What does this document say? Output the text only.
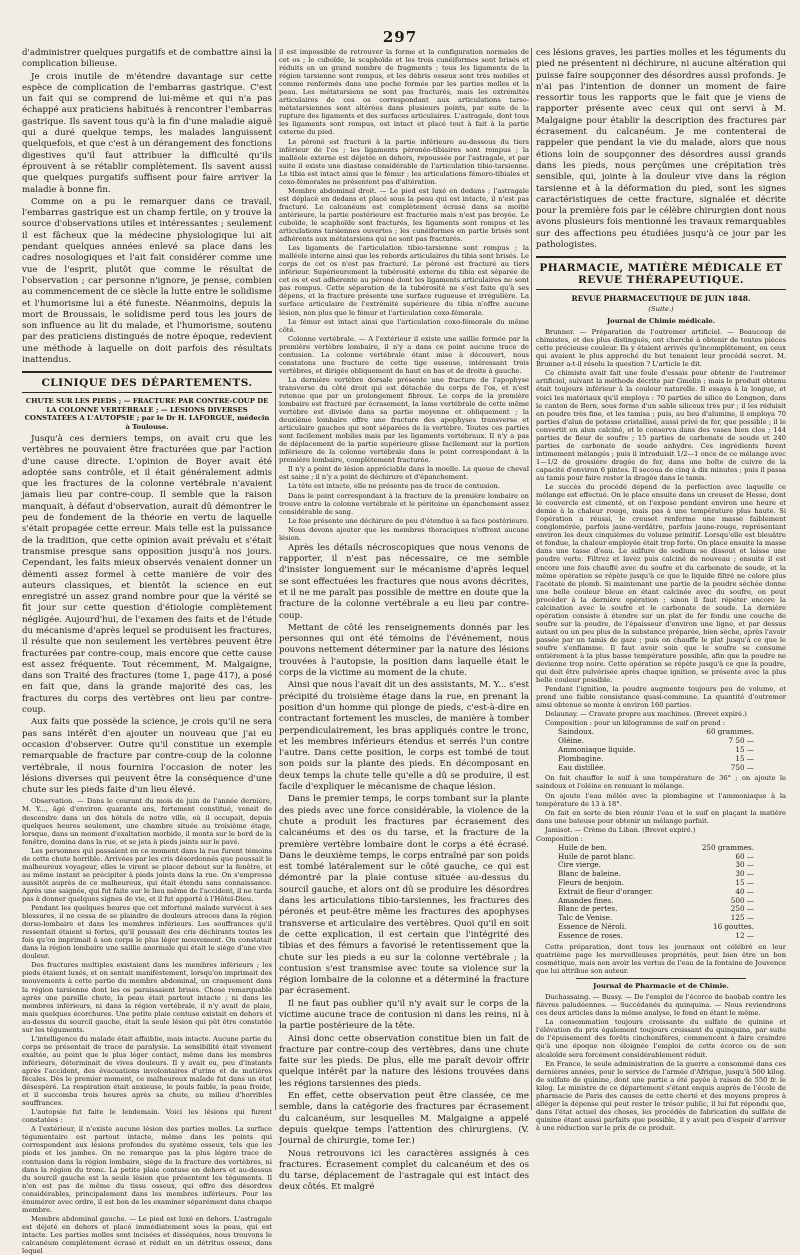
297

d'administrer quelques purgatifs et de combattre ainsi la complication bilieuse.

Je crois inutile de m'étendre davantage sur cette espèce de complication de l'embarras gastrique. C'est un fait qui se comprend de lui-même et qui n'a pas échappé aux praticiens habitués à rencontrer l'embarras gastrique. Ils savent tous qu'à la fin d'une maladie aiguë qui a duré quelque temps, les malades languissent quelquefois, et que c'est à un dérangement des fonctions digestives qu'il faut attribuer la difficulté qu'ils éprouvent à se rétablir complètement. Ils savent aussi que quelques purgatifs suffisent pour faire arriver la maladie à bonne fin.

Comme on a pu le remarquer dans ce travail, l'embarras gastrique est un champ fertile, on y trouve la source d'observations utiles et intéressantes ; seulement il est fâcheux que la médecine physiologique lui ait pendant quelques années enlevé sa place dans les cadres nosologiques et l'ait fait considérer comme une vue de l'esprit, plutôt que comme le résultat de l'observation ; car personne n'ignore, je pense, combien au commencement de ce siècle la lutte entre le solidisme et l'humorisme lui a été funeste. Néanmoins, depuis la mort de Broussais, le solidisme perd tous les jours de son influence au lit du malade, et l'humorisme, soutenu par des praticiens distingués de notre époque, redevient une méthode à laquelle on doit parfois des résultats inattendus.

CLINIQUE DES DÉPARTEMENTS.
CHUTE SUR LES PIEDS ; — FRACTURE PAR CONTRE-COUP DE LA COLONNE VERTÉBRALE ; — LÉSIONS DIVERSES CONSTATÉES A L'AUTOPSIE ; par le Dr H. LAFORGUE, médecin à Toulouse.

Jusqu'à ces derniers temps, on avait cru que les vertèbres ne pouvaient être fracturées que par l'action d'une cause directe. L'opinion de Boyer avait été adoptée sans contrôle, et il était généralement admis que les fractures de la colonne vertébrale n'avaient jamais lieu par contre-coup. Il semble que la raison manquait, à défaut d'observation, aurait dû démontrer le peu de fondement de la théorie en vertu de laquelle s'était propagée cette erreur. Mais telle est la puissance de la tradition, que cette opinion avait prévalu et s'était transmise presque sans opposition jusqu'à nos jours. Cependant, les faits mieux observés venaient donner un démenti assez formel à cette manière de voir des auteurs classiques, et bientôt la science en eut enregistré un assez grand nombre pour que la vérité se fit jour sur cette question d'étiologie complètement négligée. Aujourd'hui, de l'examen des faits et de l'étude du mécanisme d'après lequel se produisent les fractures, il résulte que non seulement les vertèbres peuvent être fracturées par contre-coup, mais encore que cette cause est assez fréquente. Tout récemment, M. Malgaigne, dans son Traité des fractures (tome 1, page 417), a posé en fait que, dans la grande majorité des cas, les fractures du corps des vertèbres ont lieu par contre-coup.

Aux faits que possède la science, je crois qu'il ne sera pas sans intérêt d'en ajouter un nouveau que j'ai eu occasion d'observer. Outre qu'il constitue un exemple remarquable de fracture par contre-coup de la colonne vertébrale, il nous fournira l'occasion de noter les lésions diverses qui peuvent être la conséquence d'une chute sur les pieds faite d'un lieu élevé.

Observation. — Dans le courant du mois de juin de l'année dernière, M. Y..., âgé d'environ quarante ans, fortement constitué, venait de descendre dans un des hôtels de notre ville, où il occupait, depuis quelques heures seulement, une chambre située au troisième étage, lorsque, dans un moment d'exaltation morbide, il monta sur le bord de la fenêtre, domina dans la rue, et se jeta à pieds joints sur le pavé.

Les personnes qui passaient en ce moment dans la rue furent témoins de cette chute horrible. Arrivées par les cris désordonnés que poussait le malheureux voyageur, elles le virent se placer debout sur la fenêtre, et au même instant se précipiter à pieds joints dans la rue. On s'empressa aussitôt auprès de ce malheureux, qui était étendu sans connaissance. Après une saignée, qui fut faite sur le lieu même de l'accident, il ne tarda pas à donner quelques signes de vie, et il fut apporté à l'Hôtel-Dieu.

Pendant les quelques heures que cet infortuné malade survécut à ses blessures, il ne cessa de se plaindre de douleurs atroces dans la région dorso-lombaire et dans les membres inférieurs. Les souffrances qu'il ressentait étaient si fortes, qu'il poussait des cris déchirants toutes les fois qu'on imprimait à son corps le plus léger mouvement. On constatait dans la région lombaire une saillie anormale qui était le siège d'une vive douleur.

Des fractures multiples existaient dans les membres inférieurs ; les pieds étaient luxés, et on sentait manifestement, lorsqu'on imprimait des mouvements à cette partie du membre abdominal, un craquement dans la région tarsienne dont les os paraissaient brisés. Chose remarquable après une pareille chute, la peau était partout intacte ; ni dans les membres inférieurs, ni dans la région vertébrale, il n'y avait de plaie, mais quelques écorchures. Une petite plaie contuse existait en dehors et au-dessus du sourcil gauche, était la seule lésion qui pût être constatée sur les téguments.

L'intelligence du malade était affaiblie, mais intacte. Aucune partie du corps ne présentait de trace de paralysie. La sensibilité était vivement exaltée, au point que le plus léger contact, même dans les membres inférieurs, déterminait de vives douleurs. Il y avait eu, peu d'instants après l'accident, des évacuations involontaires d'urine et de matières fécales. Dès le premier moment, ce malheureux malade fut dans un état désespéré. La respiration était anxieuse, le pouls faible, la peau froide, et il succomba trois heures après sa chute, au milieu d'horribles souffrances.

L'autopsie fut faite le lendemain. Voici les lésions qui furent constatées :

A l'extérieur, il n'existe aucune lésion des parties molles. La surface tégumentaire est partout intacte, même dans les points qui correspondent aux lésions profondes du système osseux, tels que les pieds et les jambes. On ne remarque pas la plus légère trace de contusion dans la région lombaire, siège de la fracture des vertèbres, ni dans la région du tronc. La petite plaie contuse en dehors et au-dessus du sourcil gauche est la seule lésion que présentent les téguments. Il n'en est pas de même du tissu osseux, qui offre des désordres considérables, principalement dans les membres inférieurs. Pour les énumérer avec ordre, il est bon de les examiner séparément dans chaque membre.

Membre abdominal gauche. — Le pied est luxé en dehors. L'astragale est déjeté en dehors et placé immédiatement sous la peau, qui est intacte. Les parties molles sont incisées et disséquées, nous trouvons le calcanéum complètement écrasé et réduit en un détritus osseux, dans lequel

il est impossible de retrouver la forme et la configuration normales de cet os ; le cuboïde, le scaphoïde et les trois cunéiformes sont brisés et réduits en un grand nombre de fragments ; tous les ligaments de la région tarsienne sont rompus, et les débris osseux sont très mobiles et comme renfermés dans une poche formée par les parties molles et la peau. Les métatarsiens ne sont pas fracturés, mais les extrémités articulaires de ces os correspondant aux articulations tarso-métatarsiennes sont altérées dans plusieurs points, par suite de la rupture des ligaments et des surfaces articulaires. L'astragale, dont tous les ligaments sont rompus, est intact et placé tout à fait à la partie externe du pied.

Le péroné est fracturé à la partie inférieure au-dessous du tiers inférieur de l'os ; les ligaments péronéo-tibiaires sont rompus ; la malléole externe est déjetée en dehors, repoussée par l'astragale, et par suite il existe une diastase considérable de l'articulation tibio-tarsienne. Le tibia est intact ainsi que le fémur ; les articulations fémoro-tibiales et coxo-fémorales ne présentent pas d'altération.

Membre abdominal droit. — Le pied est luxé en dedans ; l'astragale est déplacé en dedans et placé sous la peau qui est intacte, il n'est pas fracturé. Le calcanéum est complètement écrasé dans sa moitié antérieure, la partie postérieure est fracturée mais n'est pas broyée. Le cuboïde, le scaphoïde sont fracturés, les ligaments sont rompus et les articulations tarsiennes ouvertes ; les cunéiformes en partie brisés sont adhérents aux métatarsiens qui ne sont pas fracturés.

Les ligaments de l'articulation tibio-tarsienne sont rompus ; la malléole interne ainsi que les rebords articulaires du tibia sont brisés. Le corps de cet os n'est pas fracturé. Le péroné est fracturé au tiers inférieur. Supérieurement la tubérosité externe du tibia est séparée de cet os et est adhérente au péroné dont les ligaments articulaires ne sont pas rompus. Cette séparation de la tubérosité ne s'est faite qu'à ses dépens, et la fracture présente une surface rugueuse et irrégulière. La surface articulaire de l'extrémité supérieure du tibia n'offre aucune lésion, non plus que le fémur et l'articulation coxo-fémorale.

Le fémur est intact ainsi que l'articulation coxo-fémorale du même côté.

Colonne vertébrale. — A l'extérieur il existe une saillie formée par la première vertèbre lombaire, il n'y a dans ce point aucune trace de contusion. La colonne vertébrale étant mise à découvert, nous constatons une fracture de cette tige osseuse, intéressant trois vertèbres, et dirigée obliquement de haut en bas et de droite à gauche.

La dernière vertèbre dorsale présente une fracture de l'apophyse transverse du côté droit qui est détachée du corps de l'os, et n'est retenue que par un prolongement fibreux. Le corps de la première lombaire est fracturé par écrasement, la lame vertébrale de cette même vertèbre est divisée dans sa partie moyenne et obliquement ; la deuxième lombaire offre une fracture des apophyses transverse et articulaire gauches qui sont séparées de la vertèbre. Toutes ces parties sont facilement mobiles mais par les ligaments vertébraux. Il n'y a pas de déplacement de la partie supérieure glisse facilement sur la portion inférieure de la colonne vertébrale dans le point correspondant à la première lombaire, complètement fracturée.

Il n'y a point de lésion appréciable dans la moelle. La queue de cheval est saine ; il n'y a point de déchirure et d'épanchement.

La tête est intacte, elle ne présente pas de trace de contusion.

Dans le point correspondant à la fracture de la première lombaire on trouve entre la colonne vertébrale et le péritoine un épanchement assez considérable de sang.

Le foie présente une déchirure de peu d'étendue à sa face postérieure.

Nous devons ajouter que les membres thoraciques n'offrent aucune lésion.

Après les détails nécroscopiques que nous venons de rapporter, il n'est pas nécessaire, ce me semble d'insister longuement sur le mécanisme d'après lequel se sont effectuées les fractures que nous avons décrites, et il ne me paraît pas possible de mettre en doute que la fracture de la colonne vertébrale a eu lieu par contre-coup.

Mettant de côté les renseignements donnés par les personnes qui ont été témoins de l'événement, nous pouvons nettement déterminer par la nature des lésions trouvées à l'autopsie, la position dans laquelle était le corps de la victime au moment de la chute.

Ainsi que nous l'avait dit un des assistants, M. Y... s'est précipité du troisième étage dans la rue, en prenant la position d'un homme qui plonge de pieds, c'est-à-dire en contractant fortement les muscles, de manière à tomber perpendiculairement, les bras appliqués contre le tronc, et les membres inférieurs étendus et serrés l'un contre l'autre. Dans cette position, le corps est tombé de tout son poids sur la plante des pieds. En décomposant en deux temps la chute telle qu'elle a dû se produire, il est facile d'expliquer le mécanisme de chaque lésion.

Dans le premier temps, le corps tombant sur la plante des pieds avec une force considérable, la violence de la chute a produit les fractures par écrasement des calcanéums et des os du tarse, et la fracture de la première vertèbre lombaire dont le corps a été écrasé. Dans le deuxième temps, le corps entraîné par son poids est tombé latéralement sur le côté gauche, ce qui est démontré par la plaie contuse située au-dessus du sourcil gauche, et alors ont dû se produire les désordres dans les articulations tibio-tarsiennes, les fractures des péronés et peut-être même les fractures des apophyses transverse et articulaire des vertèbres. Quoi qu'il en soit de cette explication, il est certain que l'intégrité des tibias et des fémurs a favorisé le retentissement que la chute sur les pieds a eu sur la colonne vertébrale ; la contusion s'est transmise avec toute sa violence sur la région lombaire de la colonne et a déterminé la fracture par écrasement.

Il ne faut pas oublier qu'il n'y avait sur le corps de la victime aucune trace de contusion ni dans les reins, ni à la partie postérieure de la tête.

Ainsi donc cette observation constitue bien un fait de fracture par contre-coup des vertèbres, dans une chute faite sur les pieds. De plus, elle me paraît devoir offrir quelque intérêt par la nature des lésions trouvées dans les régions tarsiennes des pieds.

En effet, cette observation peut être classée, ce me semble, dans la catégorie des fractures par écrasement du calcanéum, sur lesquelles M. Malgaigne a appelé depuis quelque temps l'attention des chirurgiens. (V. Journal de chirurgie, tome Ier.)

Nous retrouvons ici les caractères assignés à ces fractures. Écrasement complet du calcanéum et des os du tarse, déplacement de l'astragale qui est intact des deux côtés. Et malgré

ces lésions graves, les parties molles et les téguments du pied ne présentent ni déchirure, ni aucune altération qui puisse faire soupçonner des désordres aussi profonds. Je n'ai pas l'intention de donner un moment de faire ressortir tous les rapports que le fait que je viens de rapporter présente avec ceux qui ont servi à M. Malgaigne pour établir la description des fractures par écrasement du calcanéum. Je me contenterai de rappeler que pendant la vie du malade, alors que nous étions loin de soupçonner des désordres aussi grands dans les pieds, nous perçûmes une crépitation très sensible, qui, jointe à la douleur vive dans la région tarsienne et à la déformation du pied, sont les signes caractéristiques de cette fracture, signalée et décrite pour la première fois par le célèbre chirurgien dont nous avons plusieurs fois mentionné les travaux remarquables sur des affections peu étudiées jusqu'à ce jour par les pathologistes.

PHARMACIE, MATIÈRE MÉDICALE ET REVUE THÉRAPEUTIQUE.
REVUE PHARMACEUTIQUE DE JUIN 1848.
(Suite.)
Journal de Chimie médicale.

Brunner. — Préparation de l'outremer artificiel. — Beaucoup de chimistes, et des plus distingués, ont cherché à obtenir de toutes pièces cette précieuse couleur. Ils y étaient arrivés qu'incomplètement, ou ceux qui avaient le plus approché du but tenaient leur procédé secret. M. Brunner a-t-il résolu la question ? L'article le dit.

Ce chimiste avait fait une foule d'essais pour obtenir de l'outremer artificiel, suivant la méthode décrite par Gmelin ; mais le produit obtenu était toujours inférieur à la couleur naturelle. Il essaya à la longue, et voici les matériaux qu'il employa : 70 parties de silice de Longnon, dans le canton de Bern, sous forme d'un sable siliceux très pur ; il les réduisit en poudre très fine, et les tamisa ; puis, au lieu d'alumine, il employa 70 parties d'alun de potasse cristallisé, aussi privé de fer, que possible ; il le convertit en alun calciné, et le conserva dans des vases bien clos ; 144 parties de fleur de soufre ; 15 parties de carbonate de soude et 240 parties de carbonate de soude anhydre. Ces ingrédients furent intimement mélangés ; puis il introduisit 1/2—1 once de ce mélange avec 1—1/2 de grossière dragée de fer, dans une boîte de cuivre de la capacité d'environ 6 pintes. Il secoua de cinq à dix minutes ; puis il passa au tamis pour faire rester la dragée dans le tamis.

Le succès du procédé dépend de la perfection avec laquelle ce mélange est effectué. On le place ensuite dans un creuset de Hesse, dont le couvercle est cimenté, et on l'expose pendant environ une heure et demie à la chaleur rouge, mais pas à une température plus haute. Si l'opération a réussi, le creuset renferme une masse faiblement conglomérée, parfois jaune-verdâtre, parfois jaune-rouge, représentant environ les deux cinquièmes du volume primitif. Lorsqu'elle est bleuâtre et fondue, la chaleur employée était trop forte. On place ensuite la masse dans une tasse d'eau. Le sulfure de sodium se dissout et laisse une poudre verte. Filtrez et lavez puis calciné de nouveau ; ensuite il est encore une fois chauffé avec du soufre et du carbonate de soude, et la même opération se répète jusqu'à ce que le liquide filtré ne colore plus l'acétate de plomb. Si maintenant une partie de la poudre séchée donne une belle couleur bleue en étant calcinée avec du soufre, on peut procéder à la dernière opération ; sinon il faut répéter encore la calcination avec le soufre et le carbonate de soude. La dernière opération consiste à étendre sur un plat de fer fondu une couche de soufre sur la poudre, de l'épaisseur d'environ une ligne, et par dessus autant ou un peu plus de la substance préparée, bien sèche, après l'avoir passée par un tamis de gaze ; puis on chauffe le plat jusqu'à ce que le soufre s'enflamme. Il faut avoir soin que le soufre se consume entièrement à la plus basse température possible, afin que la poudre ne devienne trop noire. Cette opération se répète jusqu'à ce que la poudre, qui doit être pulvérisée après chaque ignition, se présente avec la plus belle couleur possible.

Pendant l'ignition, la poudre augmente toujours peu de volume, et prend une faible consistance quasi-commune. La quantité d'outremer ainsi obtenue se monte à environ 160 parties.

Delaunay. — Cravate propre aux machines. (Brevet expiré.)

Composition : pour un kilogramme de suif on prend :

Saindoux.	60 grammes.
Oléine.	7 50 —
Ammoniaque liquide.	15 —
Plombagine.	15 —
Eau distillée.	750 —

On fait chauffer le suif à une température de 36° ; on ajoute le saindoux et l'oléine en remuant le mélange.

On ajoute l'eau mêlée avec la plombagine et l'ammoniaque à la température de 13 à 18°.

On fait en sorte de bien réunir l'eau et le suif en plaçant la matière dans une bateuse pour obtenir un mélange parfait.

Jamisot. — Crème du Liban. (Brevet expiré.)

Composition :

Huile de ben.	250 grammes.
Huile de parot blanc.	60 —
Cire vierge.	30 —
Blanc de baleine.	30 —
Fleurs de benjoin.	15 —
Extrait de fleur d'oranger.	40 —
Amandes fines.	500 —
Blanc de pertes.	250 —
Talc de Venise.	125 —
Essence de Néroli.	16 gouttes.
Essence de roses.	12 —

Cette préparation, dont tous les journaux ont célébré en leur quatrième page les merveilleuses propriétés, peut bien être un bon cosmétique, mais non avoir les vertus de l'eau de la fontaine de Jouvence que lui attribue son auteur.

Journal de Pharmacie et de Chimie.

Duchassaing. — Bussy. — De l'emploi de l'écorce de baobab contre les fièvres paludéennes. — Succédanés du quinquina. — Nous reviendrons ces deux articles dans la même analyse, le fond en étant le même.

La consommation toujours croissante du sulfate de quinine et l'élévation du prix également toujours croissant du quinquina, par suite de l'épuisement des forêts cinchonifères, commencent à faire craindre qu'à une époque non éloignée l'emploi de cette écorce ou de son alcaloïde sera forcément considérablement réduit.

En France, le seule administration de la guerre a consommé dans ces dernières années, pour le service de l'armée d'Afrique, jusqu'à 500 kilog. de sulfate de quinine, dont une partie a été payée à raison de 550 fr. le kilog. Le ministre de ce département s'étant enquis auprès de l'école de pharmacie de Paris des causes de cette cherté et des moyens propres à alléger la dépense qui peut rester le trésor public, il lui fut répondu que, dans l'état actuel des choses, les procédés de fabrication du sulfate de quinine étant aussi parfaits que possible, il y avait peu d'espoir d'arriver à une réduction sur le prix de ce produit.
